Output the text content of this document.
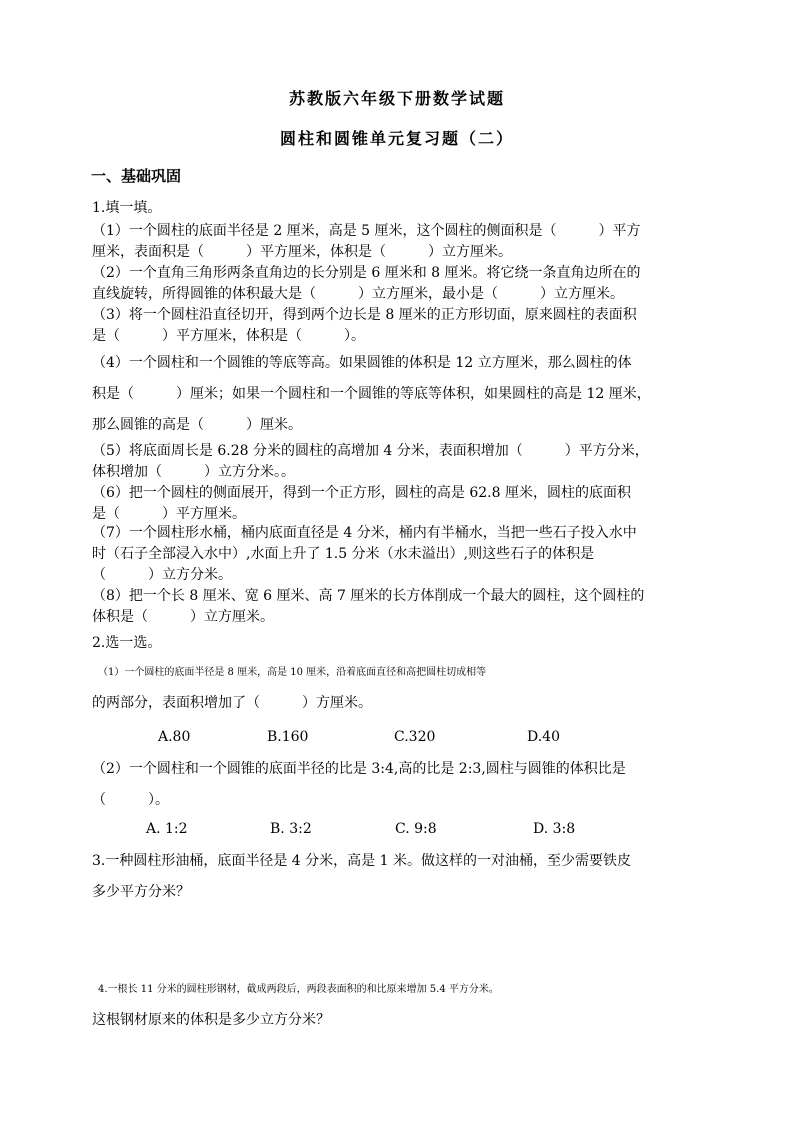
苏教版六年级下册数学试题
圆柱和圆锥单元复习题（二）
一、基础巩固
1.填一填。
（1）一个圆柱的底面半径是 2 厘米，高是 5 厘米，这个圆柱的侧面积是（　　　）平方
厘米，表面积是（　　　）平方厘米，体积是（　　　）立方厘米。
（2）一个直角三角形两条直角边的长分别是 6 厘米和 8 厘米。将它绕一条直角边所在的
直线旋转，所得圆锥的体积最大是（　　　）立方厘米，最小是（　　　）立方厘米。
（3）将一个圆柱沿直径切开，得到两个边长是 8 厘米的正方形切面，原来圆柱的表面积
是（　　　）平方厘米，体积是（　　　）。
（4）一个圆柱和一个圆锥的等底等高。如果圆锥的体积是 12 立方厘米，那么圆柱的体
积是（　　　）厘米；如果一个圆柱和一个圆锥的等底等体积，如果圆柱的高是 12 厘米，
那么圆锥的高是（　　　）厘米。
（5）将底面周长是 6.28 分米的圆柱的高增加 4 分米，表面积增加（　　　）平方分米，
体积增加（　　　）立方分米。。
（6）把一个圆柱的侧面展开，得到一个正方形，圆柱的高是 62.8 厘米，圆柱的底面积
是（　　　）平方厘米。
（7）一个圆柱形水桶，桶内底面直径是 4 分米，桶内有半桶水，当把一些石子投入水中
时（石子全部浸入水中）,水面上升了 1.5 分米（水未溢出）,则这些石子的体积是
（　　　）立方分米。
（8）把一个长 8 厘米、宽 6 厘米、高 7 厘米的长方体削成一个最大的圆柱，这个圆柱的
体积是（　　　）立方厘米。
2.选一选。
（1）一个圆柱的底面半径是 8 厘米，高是 10 厘米，沿着底面直径和高把圆柱切成相等
的两部分，表面积增加了（　　　）方厘米。
A.80	B.160	C.320	D.40
（2）一个圆柱和一个圆锥的底面半径的比是 3:4,高的比是 2:3,圆柱与圆锥的体积比是
（　　　）。
A. 1:2	B. 3:2	C. 9:8	D. 3:8
3.一种圆柱形油桶，底面半径是 4 分米，高是 1 米。做这样的一对油桶，至少需要铁皮
多少平方分米？
4.一根长 11 分米的圆柱形钢材，截成两段后，两段表面积的和比原来增加 5.4 平方分米。
这根钢材原来的体积是多少立方分米？
